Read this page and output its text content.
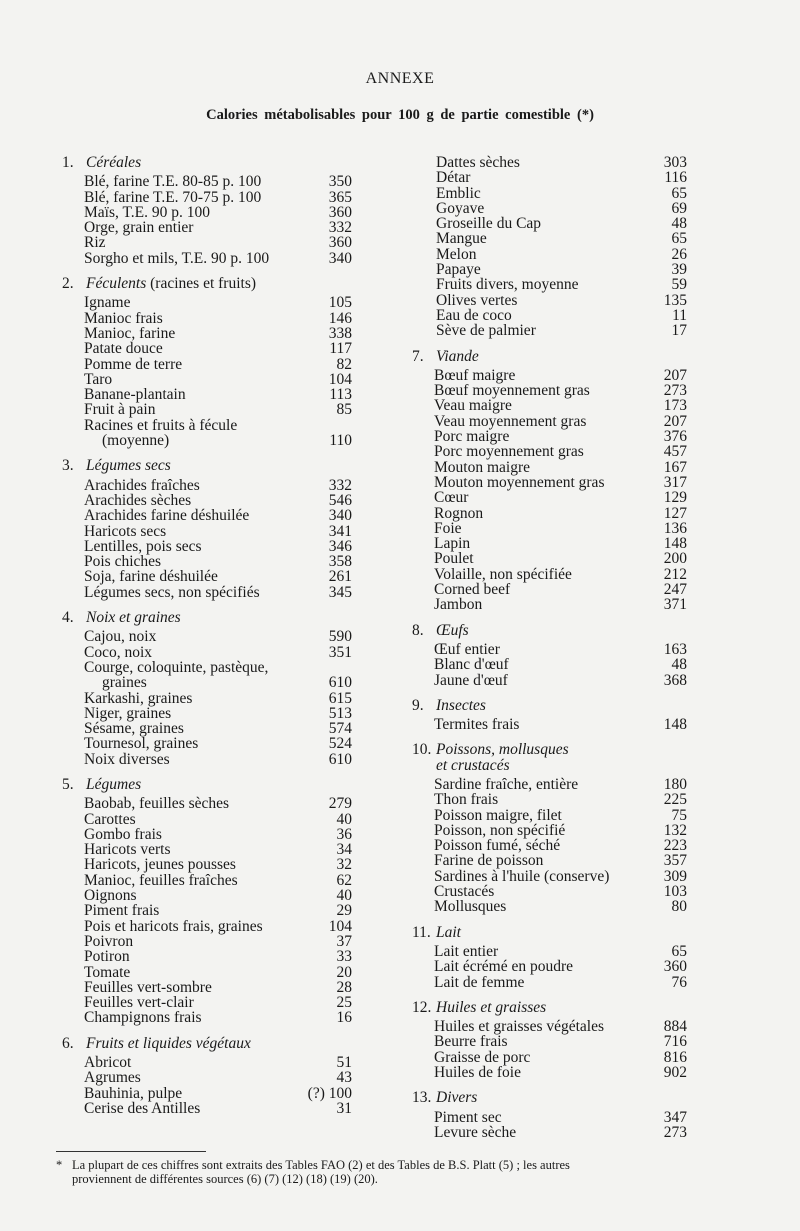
ANNEXE
Calories métabolisables pour 100 g de partie comestible (*)
1. Céréales
Blé, farine T.E. 80-85 p. 100	350
Blé, farine T.E. 70-75 p. 100	365
Maïs, T.E. 90 p. 100	360
Orge, grain entier	332
Riz	360
Sorgho et mils, T.E. 90 p. 100	340
2. Féculents (racines et fruits)
Igname	105
Manioc frais	146
Manioc, farine	338
Patate douce	117
Pomme de terre	82
Taro	104
Banane-plantain	113
Fruit à pain	85
Racines et fruits à fécule
(moyenne)	110
3. Légumes secs
Arachides fraîches	332
Arachides sèches	546
Arachides farine déshuilée	340
Haricots secs	341
Lentilles, pois secs	346
Pois chiches	358
Soja, farine déshuilée	261
Légumes secs, non spécifiés	345
4. Noix et graines
Cajou, noix	590
Coco, noix	351
Courge, coloquinte, pastèque,
graines	610
Karkashi, graines	615
Niger, graines	513
Sésame, graines	574
Tournesol, graines	524
Noix diverses	610
5. Légumes
Baobab, feuilles sèches	279
Carottes	40
Gombo frais	36
Haricots verts	34
Haricots, jeunes pousses	32
Manioc, feuilles fraîches	62
Oignons	40
Piment frais	29
Pois et haricots frais, graines	104
Poivron	37
Potiron	33
Tomate	20
Feuilles vert-sombre	28
Feuilles vert-clair	25
Champignons frais	16
6. Fruits et liquides végétaux
Abricot	51
Agrumes	43
Bauhinia, pulpe	(?) 100
Cerise des Antilles	31
Dattes sèches	303
Détar	116
Emblic	65
Goyave	69
Groseille du Cap	48
Mangue	65
Melon	26
Papaye	39
Fruits divers, moyenne	59
Olives vertes	135
Eau de coco	11
Sève de palmier	17
7. Viande
Bœuf maigre	207
Bœuf moyennement gras	273
Veau maigre	173
Veau moyennement gras	207
Porc maigre	376
Porc moyennement gras	457
Mouton maigre	167
Mouton moyennement gras	317
Cœur	129
Rognon	127
Foie	136
Lapin	148
Poulet	200
Volaille, non spécifiée	212
Corned beef	247
Jambon	371
8. Œufs
Œuf entier	163
Blanc d'œuf	48
Jaune d'œuf	368
9. Insectes
Termites frais	148
10. Poissons, mollusques
et crustacés
Sardine fraîche, entière	180
Thon frais	225
Poisson maigre, filet	75
Poisson, non spécifié	132
Poisson fumé, séché	223
Farine de poisson	357
Sardines à l'huile (conserve)	309
Crustacés	103
Mollusques	80
11. Lait
Lait entier	65
Lait écrémé en poudre	360
Lait de femme	76
12. Huiles et graisses
Huiles et graisses végétales	884
Beurre frais	716
Graisse de porc	816
Huiles de foie	902
13. Divers
Piment sec	347
Levure sèche	273
* La plupart de ces chiffres sont extraits des Tables FAO (2) et des Tables de B.S. Platt (5) ; les autres
proviennent de différentes sources (6) (7) (12) (18) (19) (20).
